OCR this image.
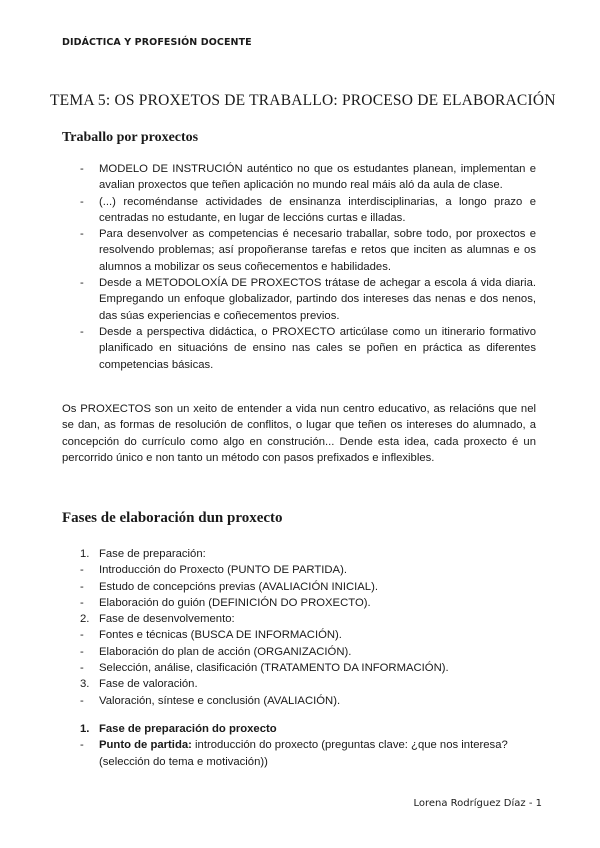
DIDÁCTICA Y PROFESIÓN DOCENTE
TEMA 5: OS PROXETOS DE TRABALLO: PROCESO DE ELABORACIÓN
Traballo por proxectos
- MODELO DE INSTRUCIÓN auténtico no que os estudantes planean, implementan e avalian proxectos que teñen aplicación no mundo real máis aló da aula de clase.
- (...) recoméndanse actividades de ensinanza interdisciplinarias, a longo prazo e centradas no estudante, en lugar de leccións curtas e illadas.
- Para desenvolver as competencias é necesario traballar, sobre todo, por proxectos e resolvendo problemas; así propoñeranse tarefas e retos que inciten as alumnas e os alumnos a mobilizar os seus coñecementos e habilidades.
- Desde a METODOLOXÍA DE PROXECTOS trátase de achegar a escola á vida diaria. Empregando un enfoque globalizador, partindo dos intereses das nenas e dos nenos, das súas experiencias e coñecementos previos.
- Desde a perspectiva didáctica, o PROXECTO articúlase como un itinerario formativo planificado en situacións de ensino nas cales se poñen en práctica as diferentes competencias básicas.

Os PROXECTOS son un xeito de entender a vida nun centro educativo, as relacións que nel se dan, as formas de resolución de conflitos, o lugar que teñen os intereses do alumnado, a concepción do currículo como algo en construción... Dende esta idea, cada proxecto é un percorrido único e non tanto un método con pasos prefixados e inflexibles.

Fases de elaboración dun proxecto
1. Fase de preparación:
- Introducción do Proxecto (PUNTO DE PARTIDA).
- Estudo de concepcións previas (AVALIACIÓN INICIAL).
- Elaboración do guión (DEFINICIÓN DO PROXECTO).
2. Fase de desenvolvemento:
- Fontes e técnicas (BUSCA DE INFORMACIÓN).
- Elaboración do plan de acción (ORGANIZACIÓN).
- Selección, análise, clasificación (TRATAMENTO DA INFORMACIÓN).
3. Fase de valoración.
- Valoración, síntese e conclusión (AVALIACIÓN).
1. Fase de preparación do proxecto
- Punto de partida: introducción do proxecto (preguntas clave: ¿que nos interesa? (selección do tema e motivación))
Lorena Rodríguez Díaz - 1
